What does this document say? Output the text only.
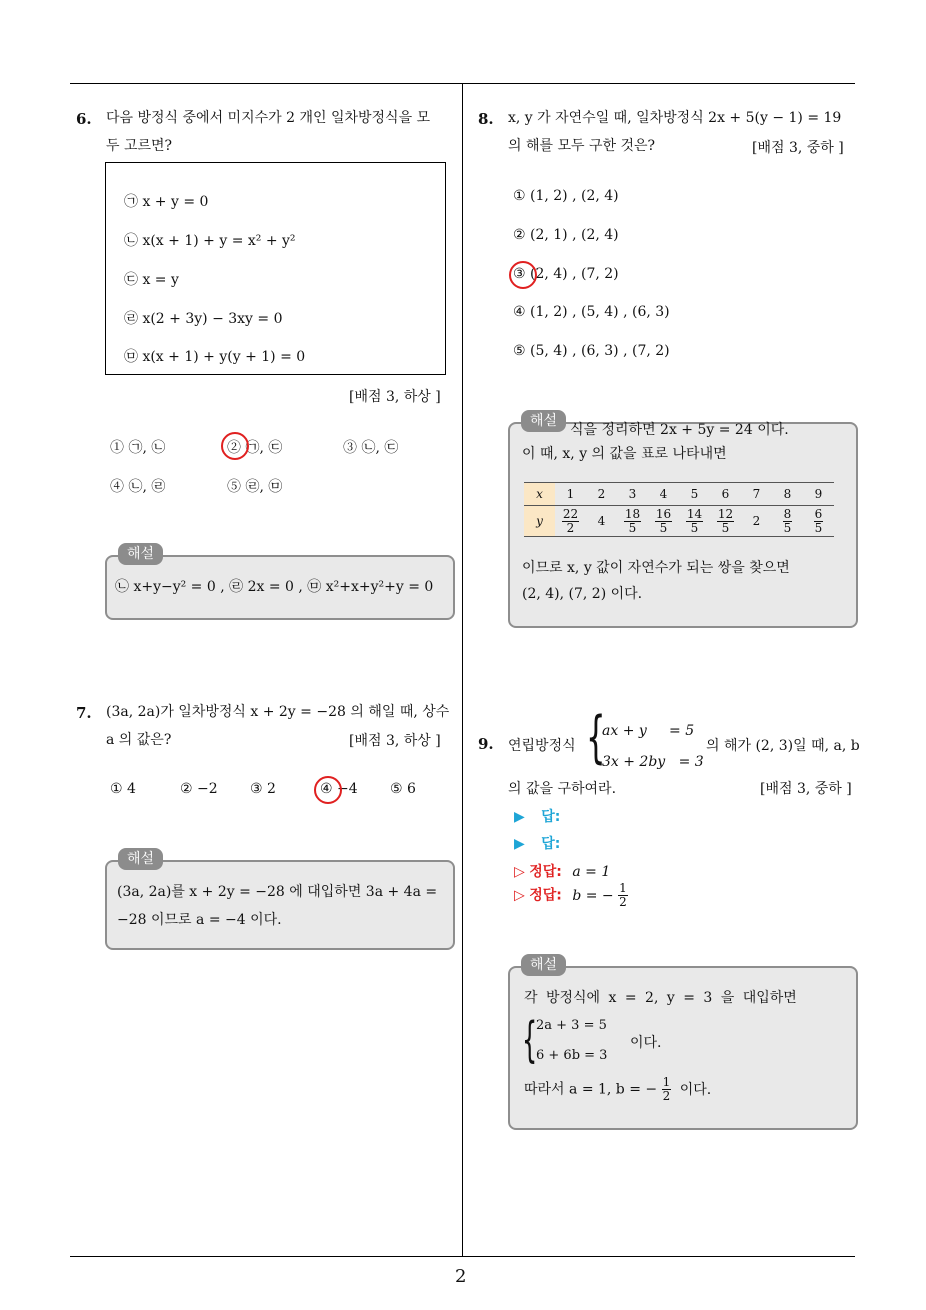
2
6. 다음 방정식 중에서 미지수가 2 개인 일차방정식을 모
두 고르면?
㉠ x + y = 0
㉡ x(x + 1) + y = x² + y²
㉢ x = y
㉣ x(2 + 3y) − 3xy = 0
㉤ x(x + 1) + y(y + 1) = 0
[배점 3, 하상 ]
① ㉠, ㉡	② ㉠, ㉢	③ ㉡, ㉢
④ ㉡, ㉣	⑤ ㉣, ㉤
㉡ x+y−y² = 0 , ㉣ 2x = 0 , ㉤ x²+x+y²+y = 0
해설
7. (3a, 2a)가 일차방정식 x + 2y = −28 의 해일 때, 상수
a 의 값은?	[배점 3, 하상 ]
① 4	② −2 ③ 2	④ −4 ⑤ 6
(3a, 2a)를 x + 2y = −28 에 대입하면 3a + 4a =
−28 이므로 a = −4 이다.
해설
8. x, y 가 자연수일 때, 일차방정식 2x + 5(y − 1) = 19
의 해를 모두 구한 것은?	[배점 3, 중하 ]
① (1, 2) , (2, 4)
② (2, 1) , (2, 4)
③ (2, 4) , (7, 2)
④ (1, 2) , (5, 4) , (6, 3)
⑤ (5, 4) , (6, 3) , (7, 2)
식을 정리하면 2x + 5y = 24 이다.
이 때, x, y 의 값을 표로 나타내면
x	1	2	3	4	5	6	7	8	9
y	$\frac{22}{2}$	4	$\frac{18}{5}$	$\frac{16}{5}$	$\frac{14}{5}$	$\frac{12}{5}$	2	$\frac{8}{5}$	$\frac{6}{5}$
이므로 x, y 값이 자연수가 되는 쌍을 찾으면
(2, 4), (7, 2) 이다.
해설
9. 연립방정식 {
ax + y     = 5
3x + 2by   = 3
의 해가 (2, 3)일 때, a, b
의 값을 구하여라.	[배점 3, 중하 ]
▶ 답:
▶ 답:
▷ 정답: a = 1
▷ 정답: b = − $\frac{1}{2}$
각 방정식에 x = 2, y = 3 을 대입하면
{
2a + 3 = 5
6 + 6b = 3
이다.
따라서 a = 1, b = − $\frac{1}{2}$ 이다.
해설
